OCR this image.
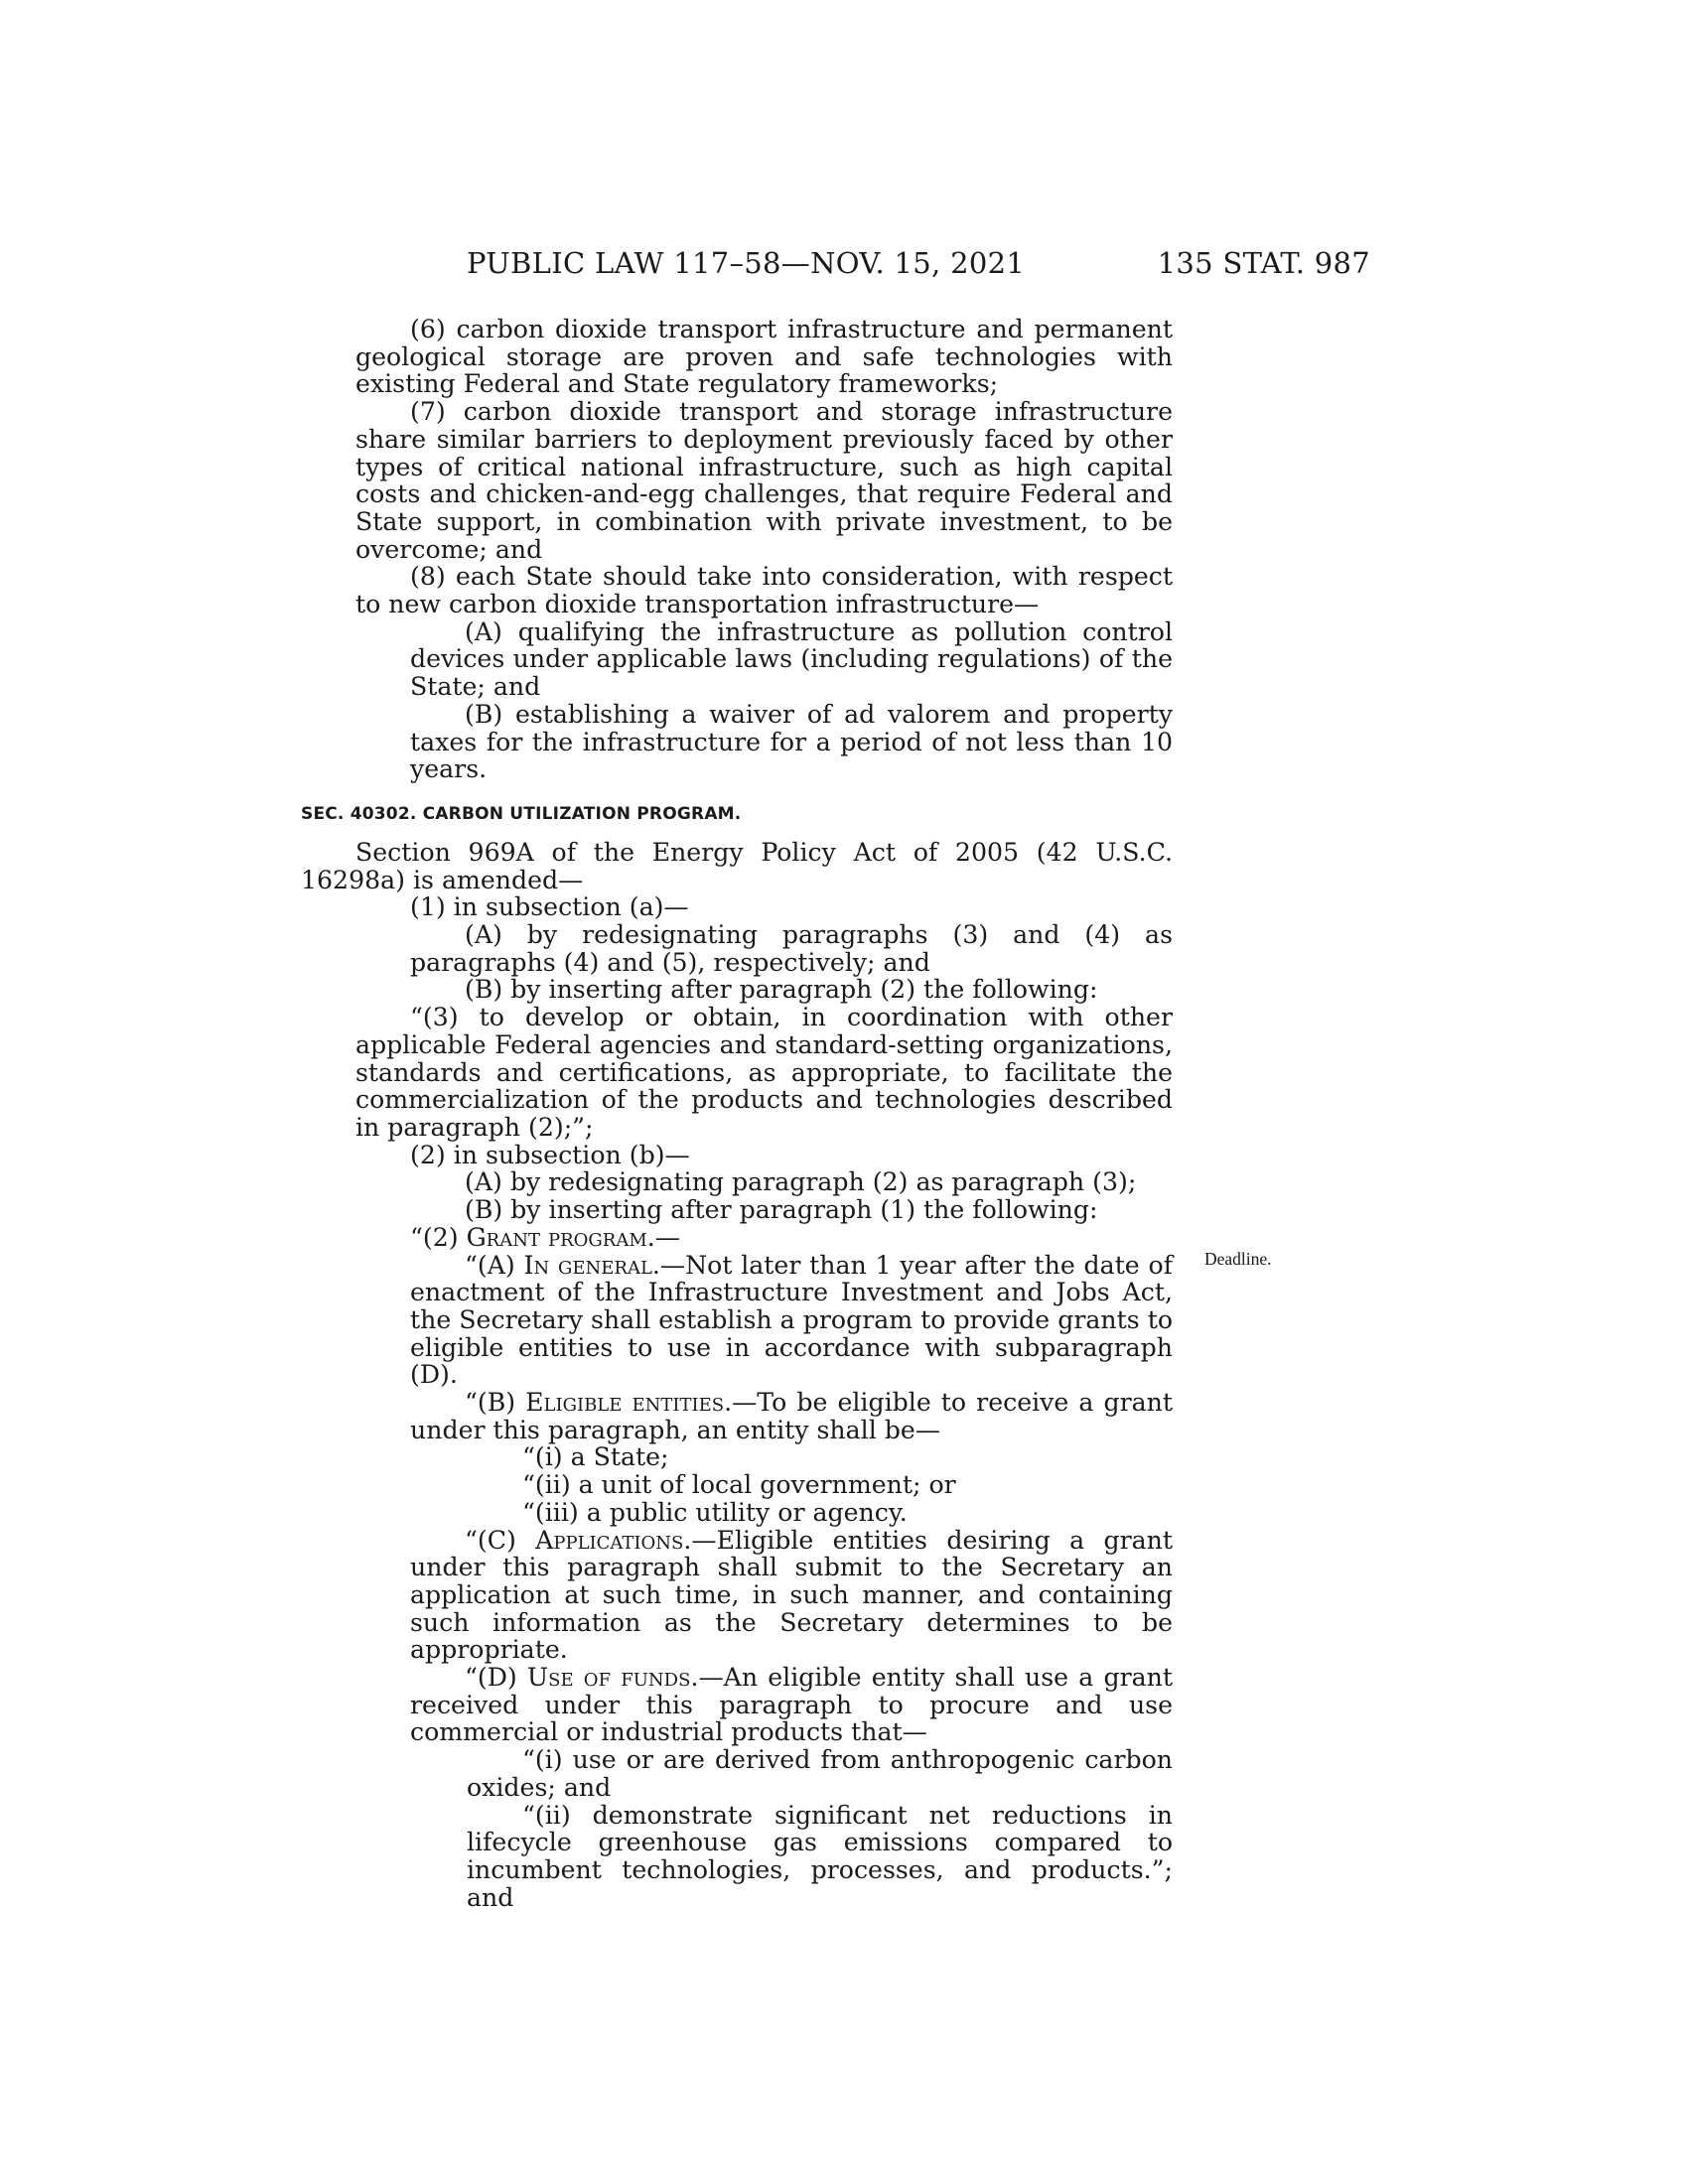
PUBLIC LAW 117–58—NOV. 15, 2021	135 STAT. 987
Deadline.

(6) carbon dioxide transport infrastructure and permanent geological storage are proven and safe technologies with existing Federal and State regulatory frameworks;

(7) carbon dioxide transport and storage infrastructure share similar barriers to deployment previously faced by other types of critical national infrastructure, such as high capital costs and chicken-and-egg challenges, that require Federal and State support, in combination with private investment, to be overcome; and

(8) each State should take into consideration, with respect to new carbon dioxide transportation infrastructure—

(A) qualifying the infrastructure as pollution control devices under applicable laws (including regulations) of the State; and

(B) establishing a waiver of ad valorem and property taxes for the infrastructure for a period of not less than 10 years.

SEC. 40302. CARBON UTILIZATION PROGRAM.

Section 969A of the Energy Policy Act of 2005 (42 U.S.C. 16298a) is amended—

(1) in subsection (a)—

(A) by redesignating paragraphs (3) and (4) as paragraphs (4) and (5), respectively; and

(B) by inserting after paragraph (2) the following:

“(3) to develop or obtain, in coordination with other applicable Federal agencies and standard-setting organizations, standards and certifications, as appropriate, to facilitate the commercialization of the products and technologies described in paragraph (2);”;

(2) in subsection (b)—

(A) by redesignating paragraph (2) as paragraph (3);

(B) by inserting after paragraph (1) the following:

“(2) Grant program.—

“(A) In general.—Not later than 1 year after the date of enactment of the Infrastructure Investment and Jobs Act, the Secretary shall establish a program to provide grants to eligible entities to use in accordance with subparagraph (D).

“(B) Eligible entities.—To be eligible to receive a grant under this paragraph, an entity shall be—

“(i) a State;

“(ii) a unit of local government; or

“(iii) a public utility or agency.

“(C) Applications.—Eligible entities desiring a grant under this paragraph shall submit to the Secretary an application at such time, in such manner, and containing such information as the Secretary determines to be appropriate.

“(D) Use of funds.—An eligible entity shall use a grant received under this paragraph to procure and use commercial or industrial products that—

“(i) use or are derived from anthropogenic carbon oxides; and

“(ii) demonstrate significant net reductions in lifecycle greenhouse gas emissions compared to incumbent technologies, processes, and products.”; and
